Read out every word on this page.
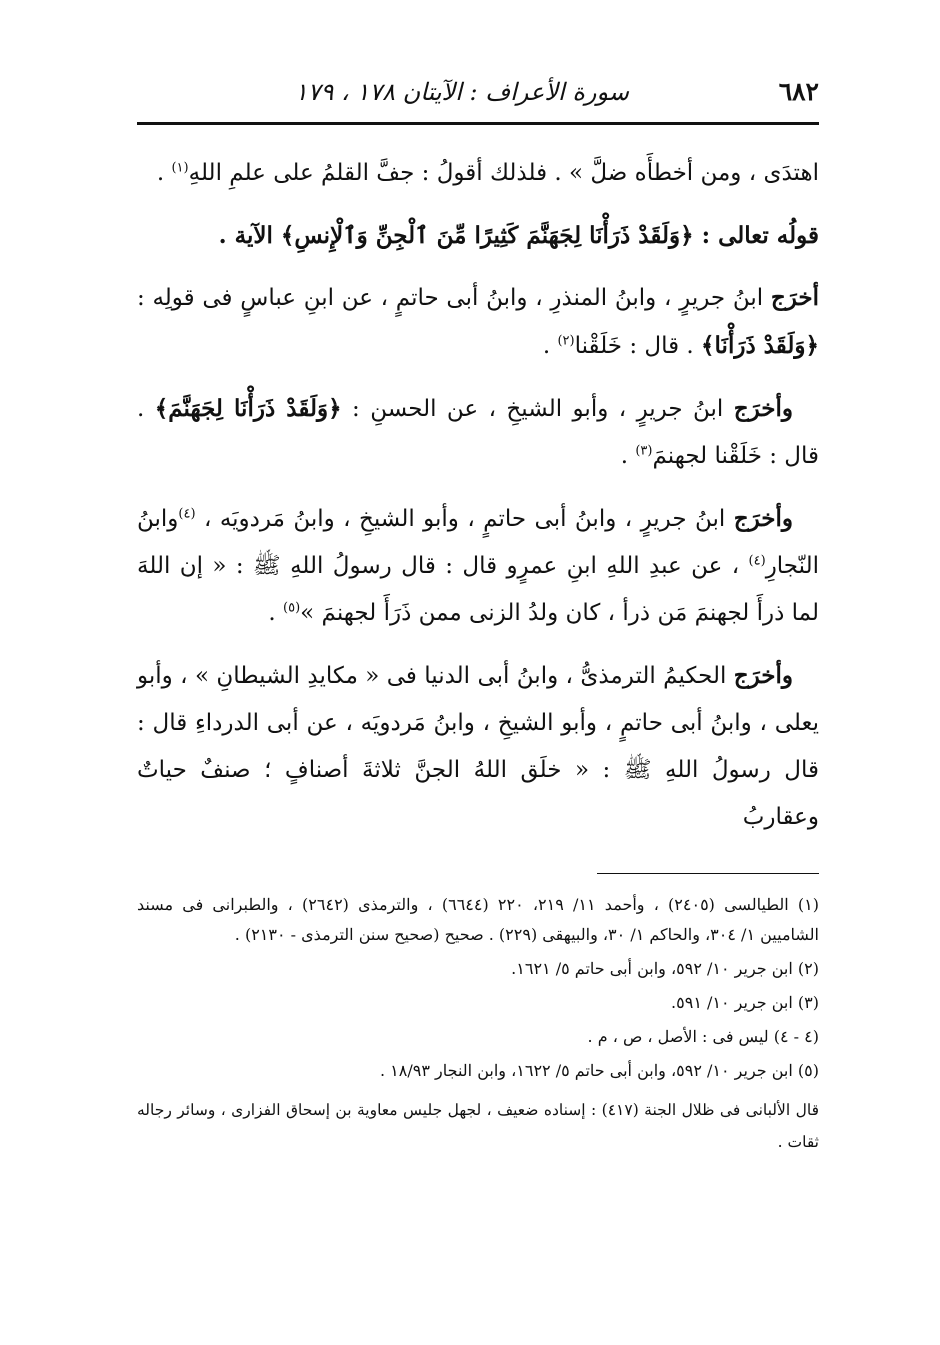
٦٨٢
سورة الأعراف : الآيتان ١٧٨ ، ١٧٩

اهتدَى ، ومن أخطأَه ضلَّ » . فلذلك أقولُ : جفَّ القلمُ على علمِ اللهِ$^{(١)}$ .

قولُه تعالى : ﴿وَلَقَدْ ذَرَأْنَا لِجَهَنَّمَ كَثِيرًا مِّنَ ٱلْجِنِّ وَٱلْإِنسِ﴾ الآية .

أخرَج ابنُ جريرٍ ، وابنُ المنذرِ ، وابنُ أبى حاتمٍ ، عن ابنِ عباسٍ فى قولِه : ﴿وَلَقَدْ ذَرَأْنَا﴾ . قال : خَلَقْنا$^{(٢)}$ .

وأخرَج ابنُ جريرٍ ، وأبو الشيخِ ، عن الحسنِ : ﴿وَلَقَدْ ذَرَأْنَا لِجَهَنَّمَ﴾ . قال : خَلَقْنا لجهنمَ$^{(٣)}$ .

وأخرَج ابنُ جريرٍ ، وابنُ أبى حاتمٍ ، وأبو الشيخِ ، وابنُ مَردويَه ، $^{(٤)}$وابنُ النّجارِ$^{(٤)}$ ، عن عبدِ اللهِ ابنِ عمرٍو قال : قال رسولُ اللهِ ﷺ : « إن اللهَ لما ذرأَ لجهنمَ مَن ذرأ ، كان ولدُ الزنى ممن ذَرَأَ لجهنمَ »$^{(٥)}$ .

وأخرَج الحكيمُ الترمذىُّ ، وابنُ أبى الدنيا فى « مكايدِ الشيطانِ » ، وأبو يعلى ، وابنُ أبى حاتمٍ ، وأبو الشيخِ ، وابنُ مَردويَه ، عن أبى الدرداءِ قال : قال رسولُ اللهِ ﷺ : « خلَق اللهُ الجنَّ ثلاثةَ أصنافٍ ؛ صنفٌ حياتٌ وعقاربُ

(١) الطيالسى (٢٤٠٥) ، وأحمد ١١/ ٢١٩، ٢٢٠ (٦٦٤٤) ، والترمذى (٢٦٤٢) ، والطبرانى فى مسند الشاميين ١/ ٣٠٤، والحاكم ١/ ٣٠، والبيهقى (٢٢٩) . صحيح (صحيح سنن الترمذى - ٢١٣٠) .

(٢) ابن جرير ١٠/ ٥٩٢، وابن أبى حاتم ٥/ ١٦٢١.

(٣) ابن جرير ١٠/ ٥٩١.

(٤ - ٤) ليس فى : الأصل ، ص ، م .

(٥) ابن جرير ١٠/ ٥٩٢، وابن أبى حاتم ٥/ ١٦٢٢، وابن النجار ١٨/٩٣ .

قال الألبانى فى ظلال الجنة (٤١٧) : إسناده ضعيف ، لجهل جليس معاوية بن إسحاق الفزارى ، وسائر رجاله ثقات .
